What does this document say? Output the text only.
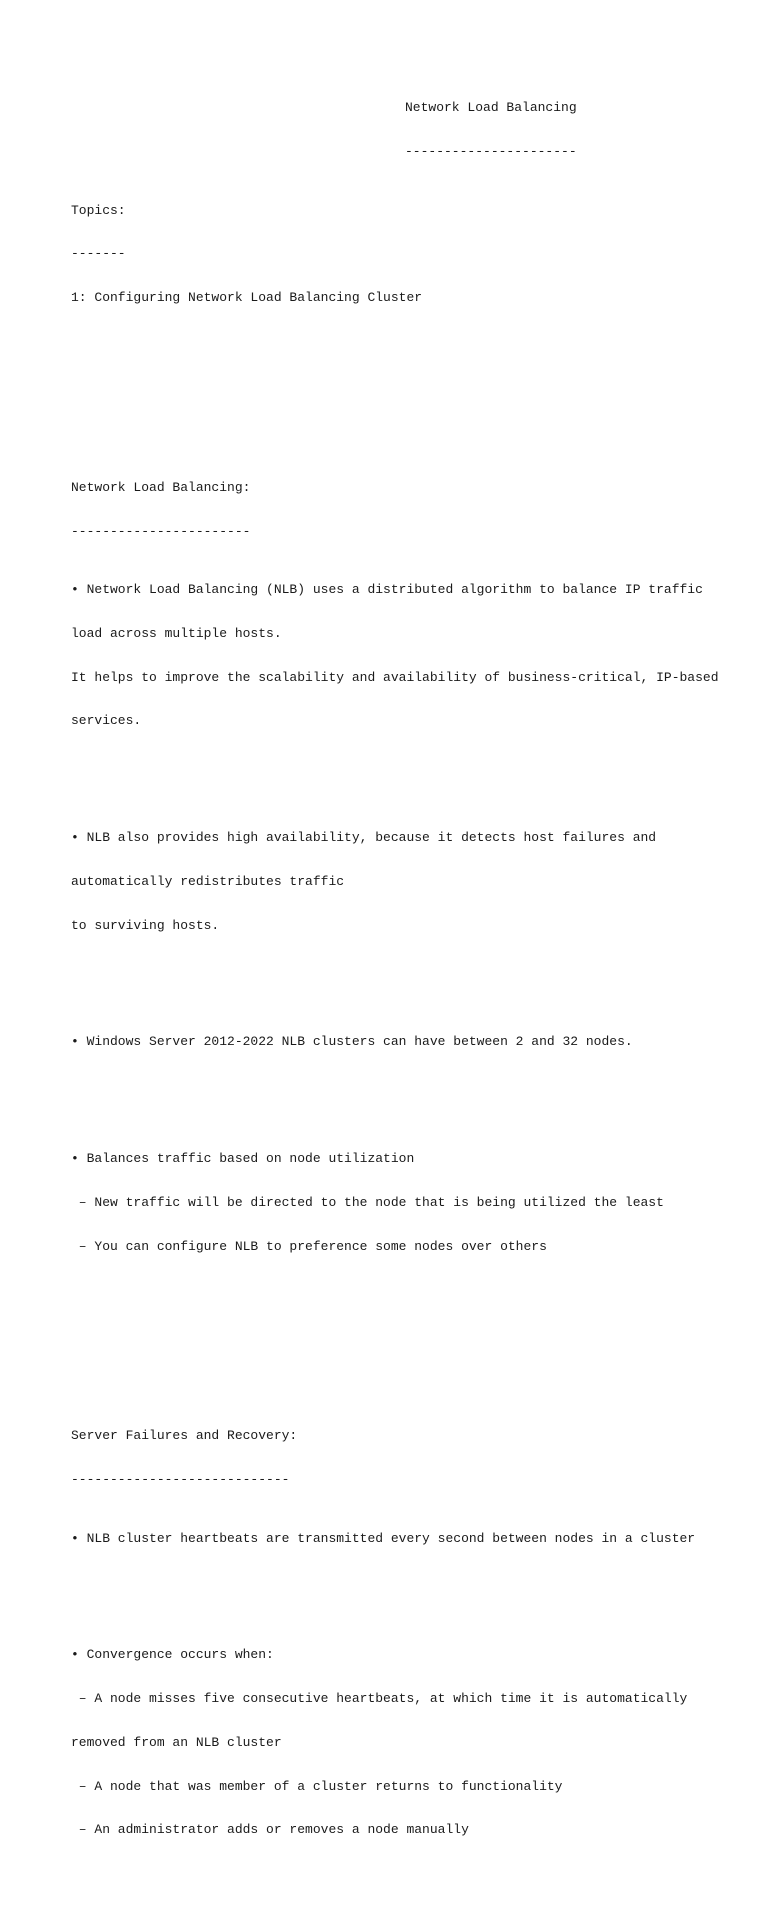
Network Load Balancing

----------------------

Topics:

-------

1: Configuring Network Load Balancing Cluster

Network Load Balancing:

-----------------------

• Network Load Balancing (NLB) uses a distributed algorithm to balance IP traffic

load across multiple hosts.

It helps to improve the scalability and availability of business-critical, IP-based

services.

• NLB also provides high availability, because it detects host failures and

automatically redistributes traffic

to surviving hosts.

• Windows Server 2012-2022 NLB clusters can have between 2 and 32 nodes.

• Balances traffic based on node utilization

– New traffic will be directed to the node that is being utilized the least

– You can configure NLB to preference some nodes over others

Server Failures and Recovery:

----------------------------

• NLB cluster heartbeats are transmitted every second between nodes in a cluster

• Convergence occurs when:

– A node misses five consecutive heartbeats, at which time it is automatically

removed from an NLB cluster

– A node that was member of a cluster returns to functionality

– An administrator adds or removes a node manually
